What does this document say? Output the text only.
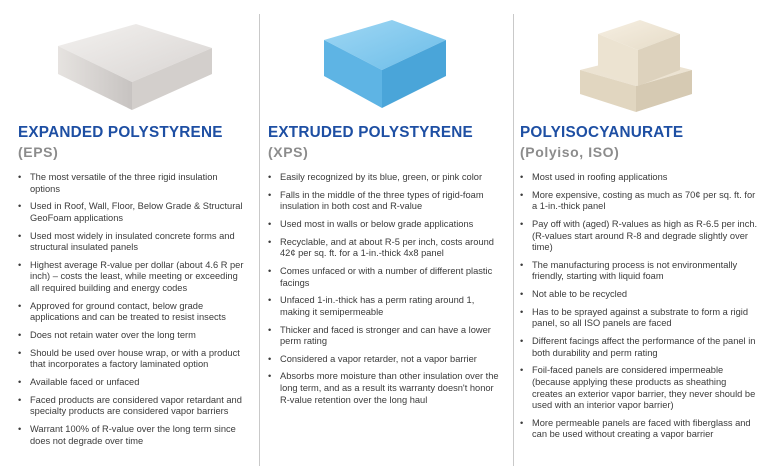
EXPANDED POLYSTYRENE
(EPS)
• The most versatile of the three rigid insulation options
• Used in Roof, Wall, Floor, Below Grade & Structural GeoFoam applications
• Used most widely in insulated concrete forms and structural insulated panels
• Highest average R-value per dollar (about 4.6 R per inch) – costs the least, while meeting or exceeding all required building and energy codes
• Approved for ground contact, below grade applications and can be treated to resist insects
• Does not retain water over the long term
• Should be used over house wrap, or with a product that incorporates a factory laminated option
• Available faced or unfaced
• Faced products are considered vapor retardant and specialty products are considered vapor barriers
• Warrant 100% of R-value over the long term since does not degrade over time
EXTRUDED POLYSTYRENE
(XPS)
• Easily recognized by its blue, green, or pink color
• Falls in the middle of the three types of rigid-foam insulation in both cost and R-value
• Used most in walls or below grade applications
• Recyclable, and at about R-5 per inch, costs around 42¢ per sq. ft. for a 1-in.-thick 4x8 panel
• Comes unfaced or with a number of different plastic facings
• Unfaced 1-in.-thick has a perm rating around 1, making it semipermeable
• Thicker and faced is stronger and can have a lower perm rating
• Considered a vapor retarder, not a vapor barrier
• Absorbs more moisture than other insulation over the long term, and as a result its warranty doesn't honor R-value retention over the long haul
POLYISOCYANURATE
(Polyiso, ISO)
• Most used in roofing applications
• More expensive, costing as much as 70¢ per sq. ft. for a 1-in.-thick panel
• Pay off with (aged) R-values as high as R-6.5 per inch. (R-values start around R-8 and degrade slightly over time)
• The manufacturing process is not environmentally friendly, starting with liquid foam
• Not able to be recycled
• Has to be sprayed against a substrate to form a rigid panel, so all ISO panels are faced
• Different facings affect the performance of the panel in both durability and perm rating
• Foil-faced panels are considered impermeable (because applying these products as sheathing creates an exterior vapor barrier, they never should be used with an interior vapor barrier)
• More permeable panels are faced with fiberglass and can be used without creating a vapor barrier
